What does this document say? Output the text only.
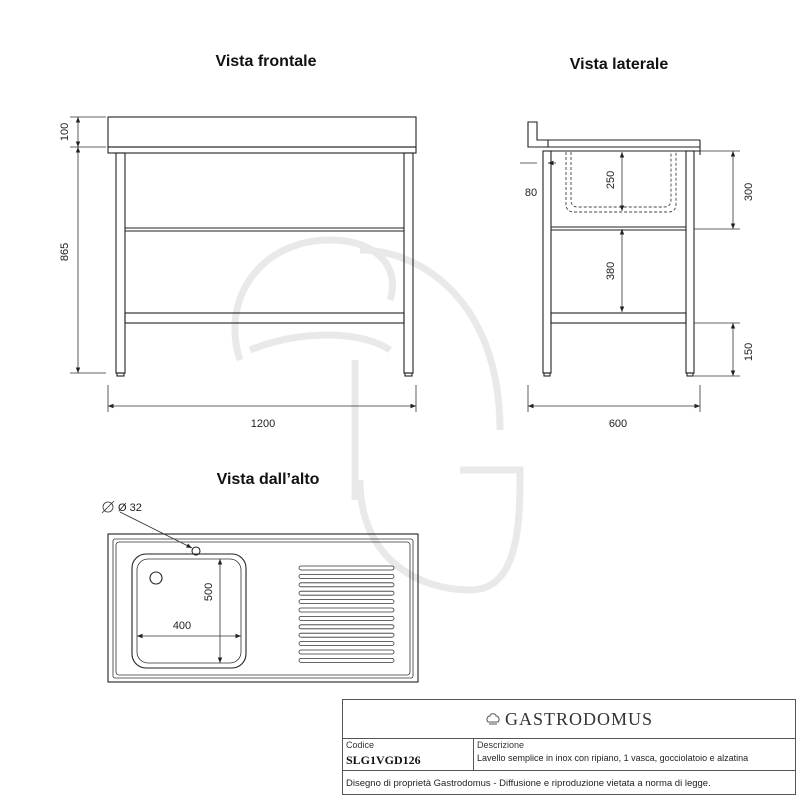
Vista frontale
100
865
1200
Vista laterale
80
250
380
300
150
600
Vista dall’alto
Ø 32
500
400
GASTRODOMUS
Codice
SLG1VGD126
Descrizione
Lavello semplice in inox con ripiano, 1 vasca, gocciolatoio e alzatina
Disegno di proprietà Gastrodomus - Diffusione e riproduzione vietata a norma di legge.
